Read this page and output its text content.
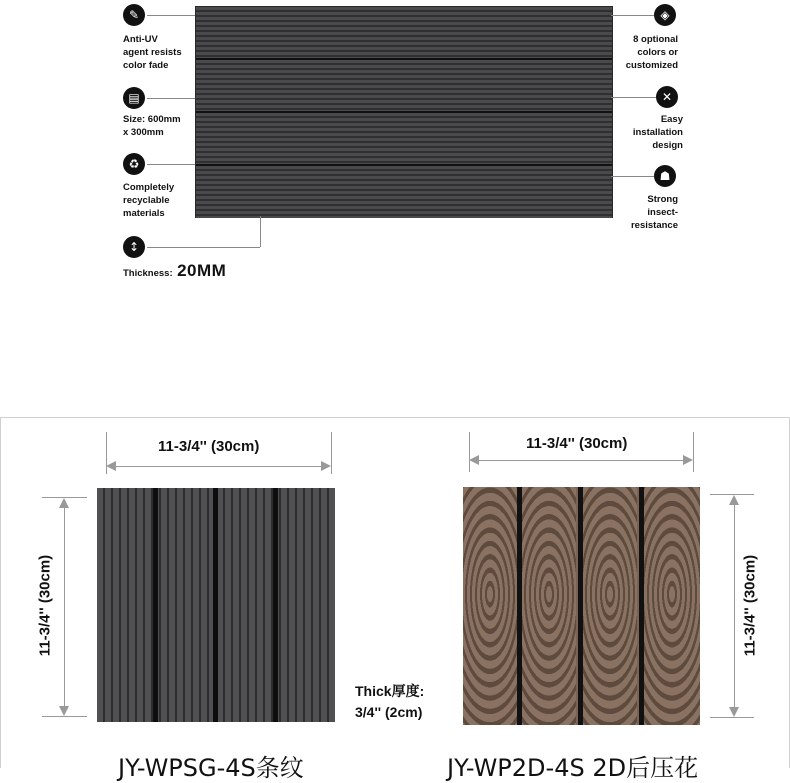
✎
Anti-UV
agent resists
color fade
▤
Size: 600mm
x 300mm
♻
Completely
recyclable
materials
↕
Thickness: 20MM
◈
8 optional
colors or
customized
✕
Easy
installation
design
☗
Strong
insect-
resistance
11-3/4'' (30cm)
11-3/4'' (30cm)
Thick厚度:
3/4'' (2cm)
11-3/4'' (30cm)
11-3/4'' (30cm)
JY-WPSG-4S条纹	JY-WP2D-4S 2D后压花
